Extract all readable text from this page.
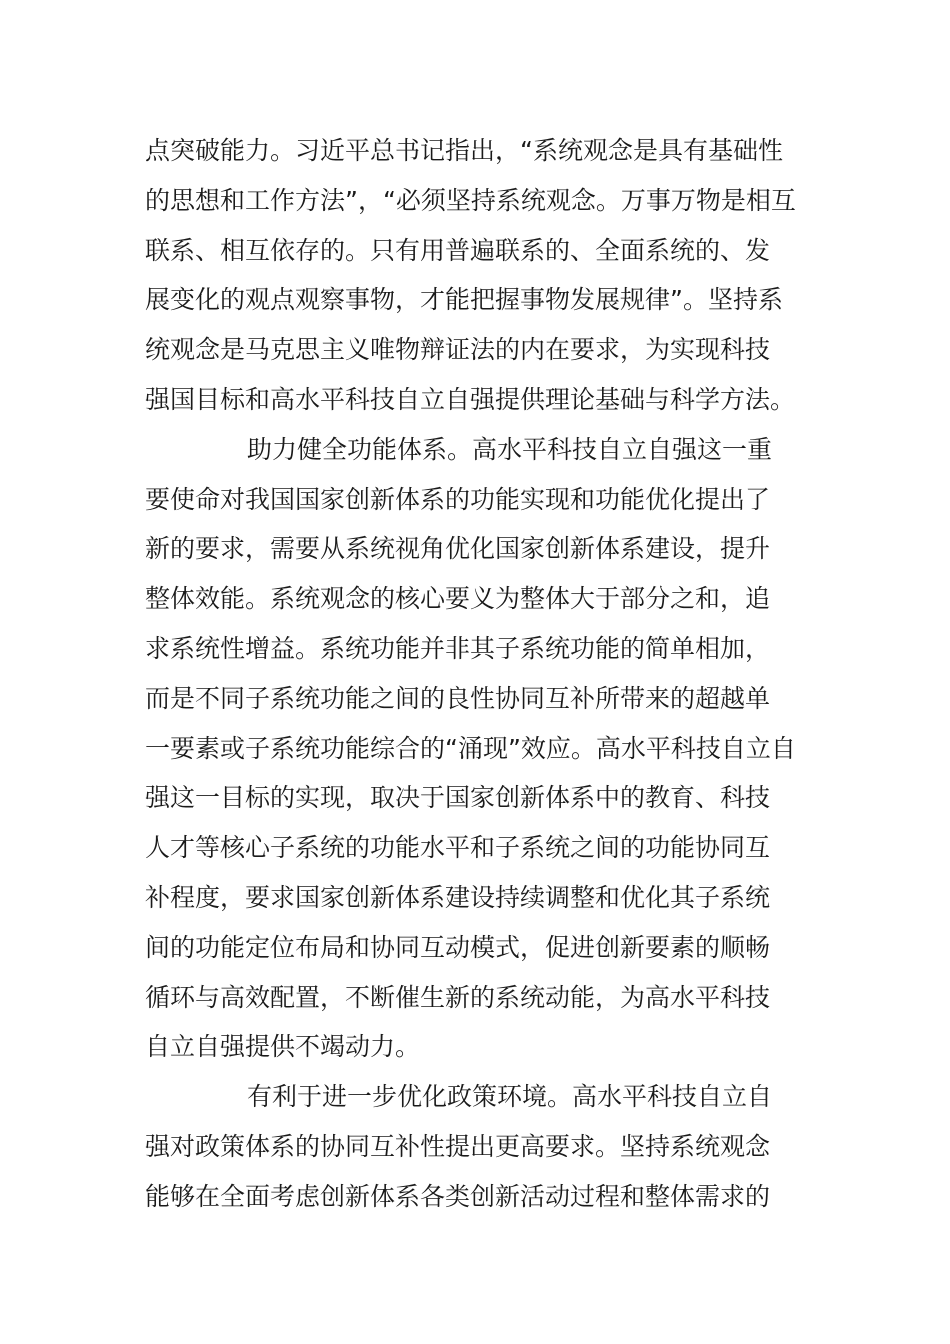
点突破能力。习近平总书记指出，“系统观念是具有基础性
的思想和工作方法”，“必须坚持系统观念。万事万物是相互
联系、相互依存的。只有用普遍联系的、全面系统的、发
展变化的观点观察事物，才能把握事物发展规律”。坚持系
统观念是马克思主义唯物辩证法的内在要求，为实现科技
强国目标和高水平科技自立自强提供理论基础与科学方法。
助力健全功能体系。高水平科技自立自强这一重
要使命对我国国家创新体系的功能实现和功能优化提出了
新的要求，需要从系统视角优化国家创新体系建设，提升
整体效能。系统观念的核心要义为整体大于部分之和，追
求系统性增益。系统功能并非其子系统功能的简单相加，
而是不同子系统功能之间的良性协同互补所带来的超越单
一要素或子系统功能综合的“涌现”效应。高水平科技自立自
强这一目标的实现，取决于国家创新体系中的教育、科技
人才等核心子系统的功能水平和子系统之间的功能协同互
补程度，要求国家创新体系建设持续调整和优化其子系统
间的功能定位布局和协同互动模式，促进创新要素的顺畅
循环与高效配置，不断催生新的系统动能，为高水平科技
自立自强提供不竭动力。
有利于进一步优化政策环境。高水平科技自立自
强对政策体系的协同互补性提出更高要求。坚持系统观念
能够在全面考虑创新体系各类创新活动过程和整体需求的
